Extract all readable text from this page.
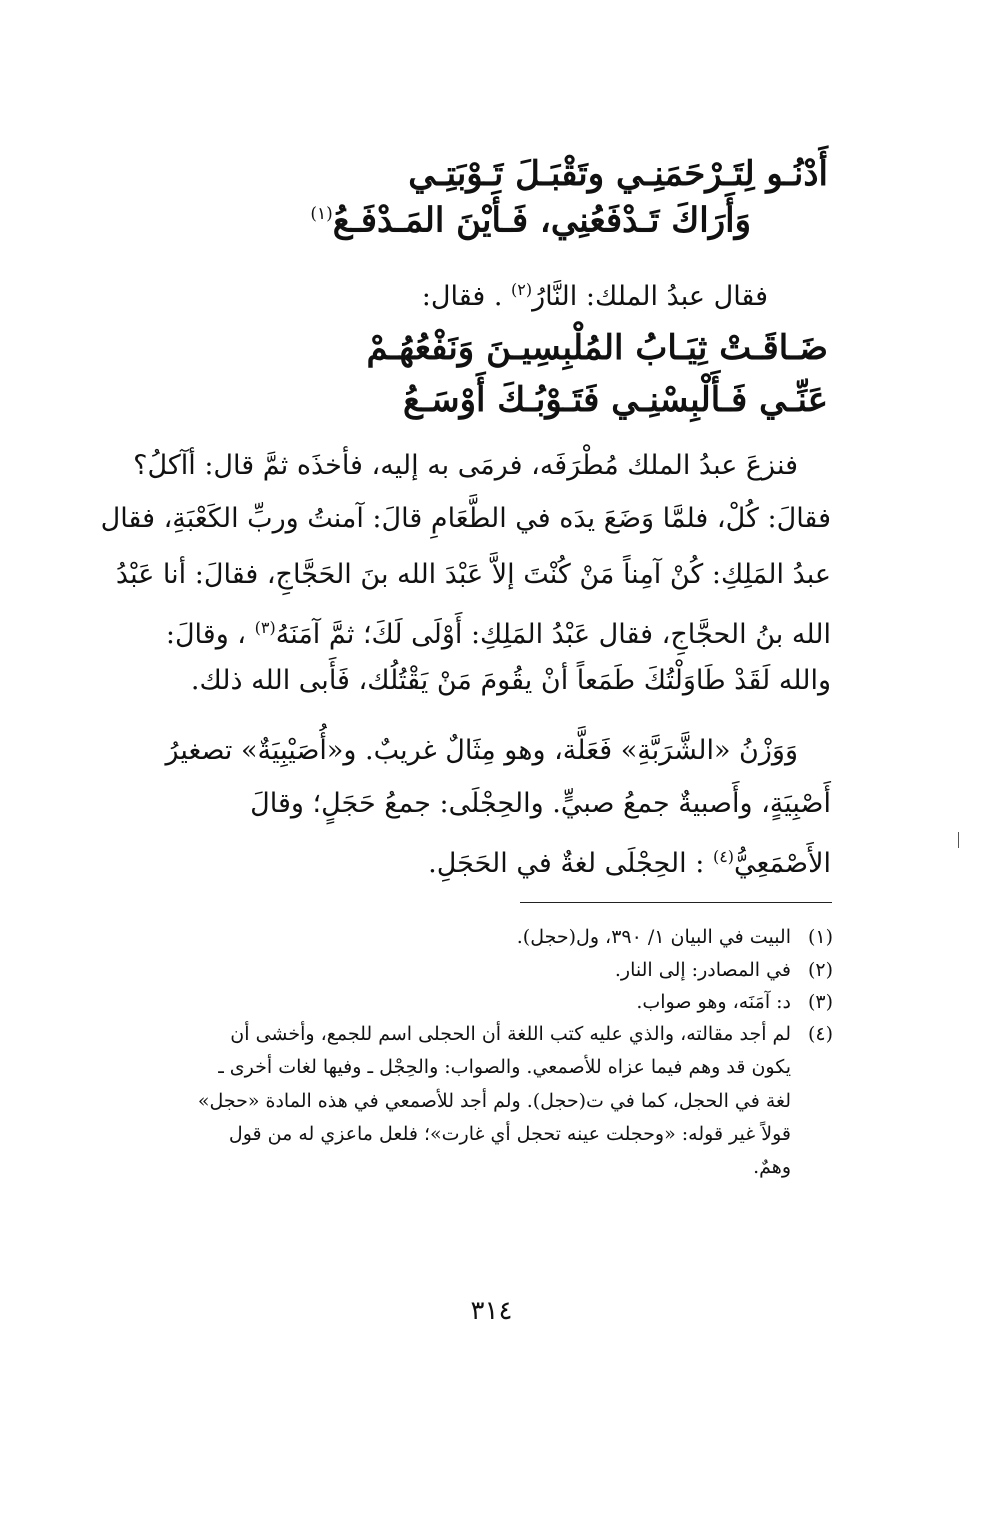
أَدْنُـو لِتَـرْحَمَنِـي وتَقْبَـلَ تَـوْبَتِـي
وَأَرَاكَ تَـدْفَعُنِي، فَـأَيْنَ المَـدْفَـعُ$^{(١)}$
فقال عبدُ الملك: النَّارُ$^{(٢)}$ . فقال:
ضَـاقَـتْ ثِيَـابُ المُلْبِسِيـنَ وَنَفْعُهُـمْ
عَنِّـي فَـأَلْبِسْنِـي فَتَـوْبُـكَ أَوْسَـعُ
فنزعَ عبدُ الملك مُطْرَفَه، فرمَى به إليه، فأخذَه ثمَّ قال: أآكلُ؟
فقالَ: كُلْ، فلمَّا وَضَعَ يدَه في الطَّعَامِ قالَ: آمنتُ وربِّ الكَعْبَةِ، فقال
عبدُ المَلِكِ: كُنْ آمِناً مَنْ كُنْتَ إلاَّ عَبْدَ الله بنَ الحَجَّاجِ، فقالَ: أنا عَبْدُ
الله بنُ الحجَّاجِ، فقال عَبْدُ المَلِكِ: أَوْلَى لَكَ؛ ثمَّ آمَنَهُ$^{(٣)}$ ، وقالَ:
والله لَقَدْ طَاوَلْتُكَ طَمَعاً أنْ يقُومَ مَنْ يَقْتُلُك، فَأَبى الله ذلك.
وَوَزْنُ «الشَّرَبَّةِ» فَعَلَّة، وهو مِثَالٌ غريبٌ. و«أُصَيْبِيَةٌ» تصغيرُ
أَصْبِيَةٍ، وأَصبيةٌ جمعُ صبيٍّ. والحِجْلَى: جمعُ حَجَلٍ؛ وقالَ
الأَصْمَعِيُّ$^{(٤)}$ : الحِجْلَى لغةٌ في الحَجَلِ.
(١)البيت في البيان ١/ ٣٩٠، ول(حجل).
(٢)في المصادر: إلى النار.
(٣)د: آمَنَه، وهو صواب.
(٤)لم أجد مقالته، والذي عليه كتب اللغة أن الحجلى اسم للجمع، وأخشى أن
يكون قد وهم فيما عزاه للأصمعي. والصواب: والحِجْل ـ وفيها لغات أخرى ـ
لغة في الحجل، كما في ت(حجل). ولم أجد للأصمعي في هذه المادة «حجل»
قولاً غير قوله: «وحجلت عينه تحجل أي غارت»؛ فلعل ماعزي له من قول
وهمٌ.
٣١٤
